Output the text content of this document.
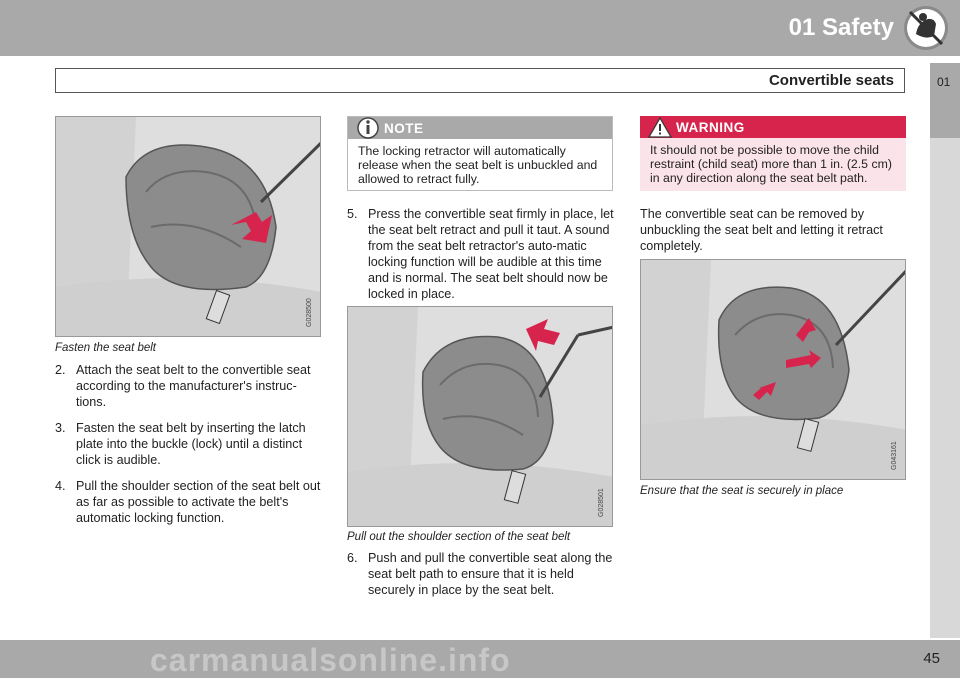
01 Safety
Convertible seats	01
G028500
Fasten the seat belt
2. Attach the seat belt to the convertible seat according to the manufacturer's instruc-tions.
3. Fasten the seat belt by inserting the latch plate into the buckle (lock) until a distinct click is audible.
4. Pull the shoulder section of the seat belt out as far as possible to activate the belt's automatic locking function.
NOTE
The locking retractor will automatically release when the seat belt is unbuckled and allowed to retract fully.
5. Press the convertible seat firmly in place, let the seat belt retract and pull it taut. A sound from the seat belt retractor's auto-matic locking function will be audible at this time and is normal. The seat belt should now be locked in place.
G028501
Pull out the shoulder section of the seat belt
6. Push and pull the convertible seat along the seat belt path to ensure that it is held securely in place by the seat belt.
WARNING
It should not be possible to move the child restraint (child seat) more than 1 in. (2.5 cm) in any direction along the seat belt path.
The convertible seat can be removed by unbuckling the seat belt and letting it retract completely.
G043161
Ensure that the seat is securely in place
carmanualsonline.info	45
